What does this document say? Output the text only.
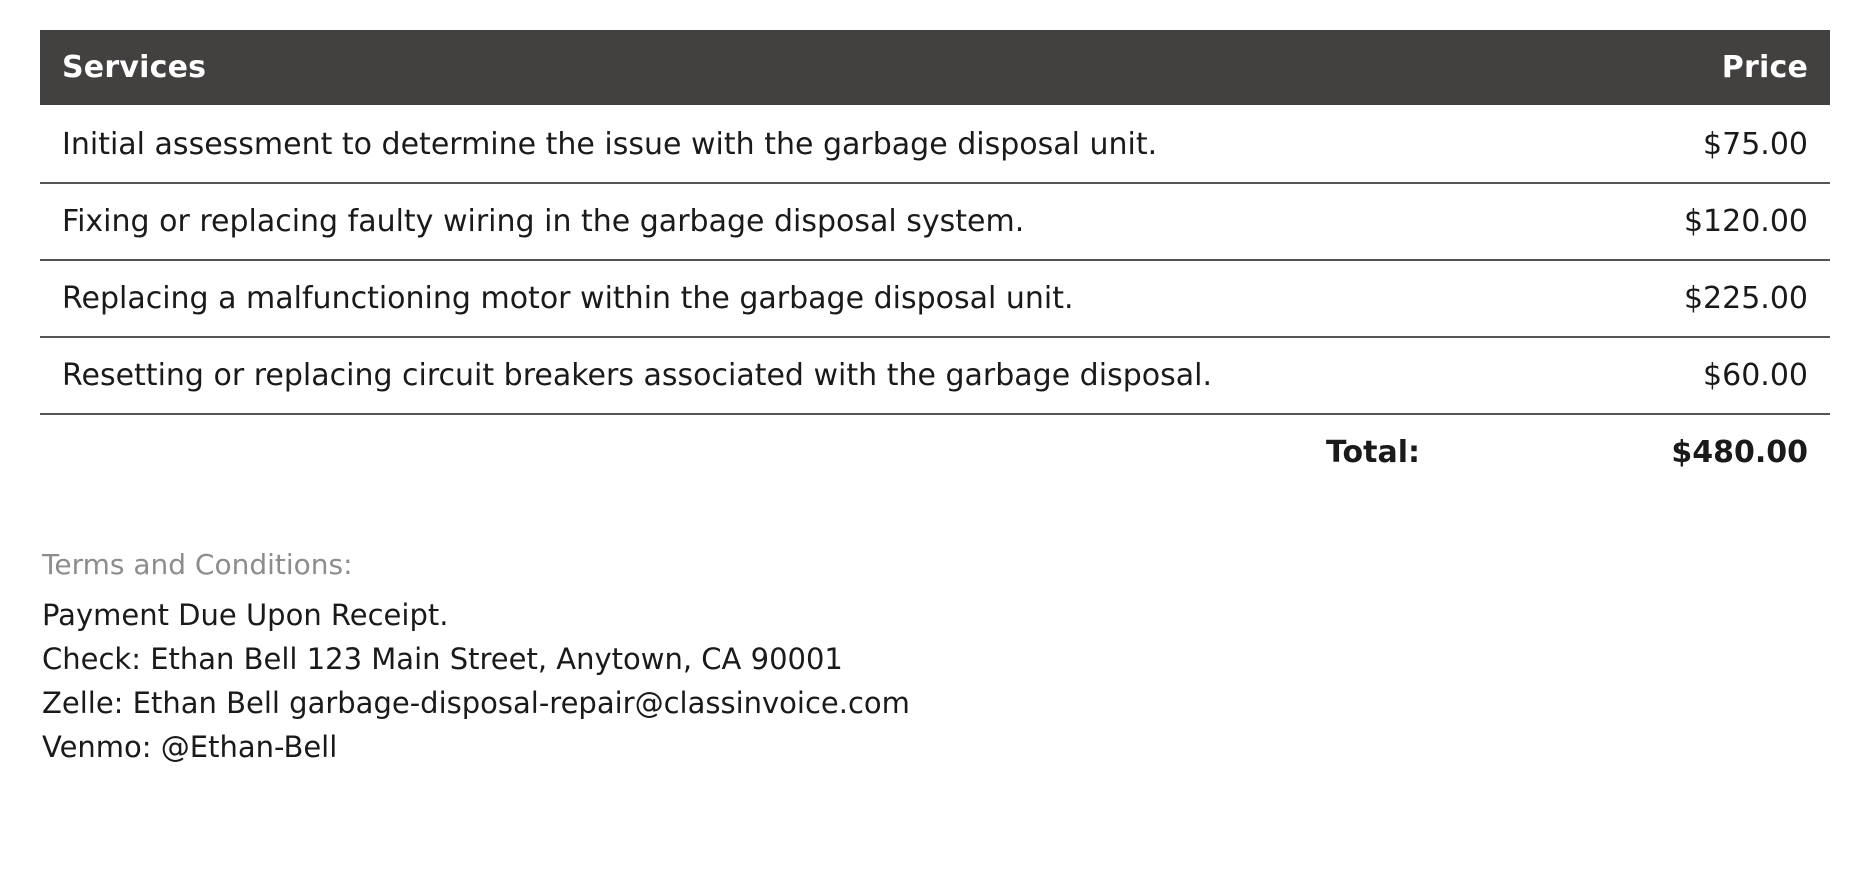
Services	Price
Initial assessment to determine the issue with the garbage disposal unit.	$75.00
Fixing or replacing faulty wiring in the garbage disposal system.	$120.00
Replacing a malfunctioning motor within the garbage disposal unit.	$225.00
Resetting or replacing circuit breakers associated with the garbage disposal.	$60.00
Total:	$480.00
Terms and Conditions:
Payment Due Upon Receipt.
Check: Ethan Bell 123 Main Street, Anytown, CA 90001
Zelle: Ethan Bell garbage-disposal-repair@classinvoice.com
Venmo: @Ethan-Bell
